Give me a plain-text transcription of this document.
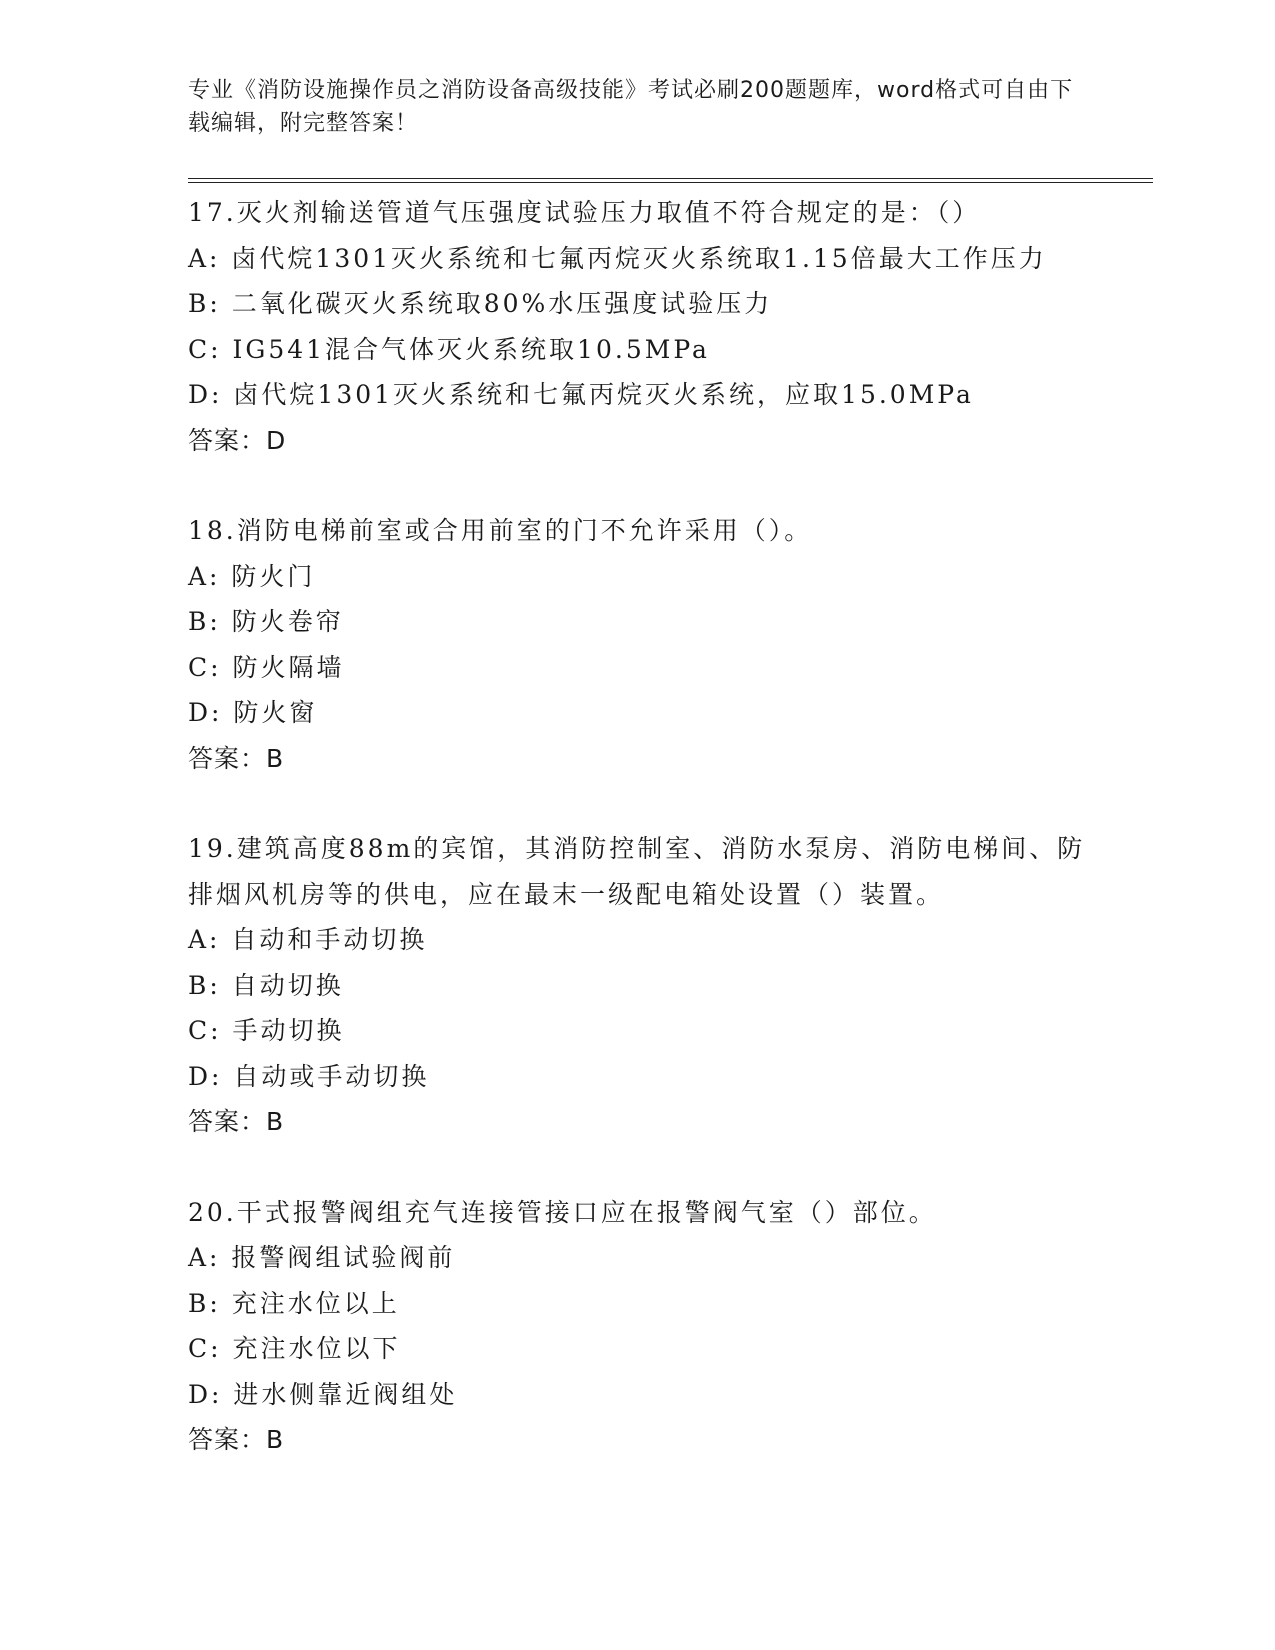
专业《消防设施操作员之消防设备高级技能》考试必刷200题题库，word格式可自由下载编辑，附完整答案！
17.灭火剂输送管道气压强度试验压力取值不符合规定的是：（）
A: 卤代烷1301灭火系统和七氟丙烷灭火系统取1.15倍最大工作压力
B: 二氧化碳灭火系统取80%水压强度试验压力
C: IG541混合气体灭火系统取10.5MPa
D: 卤代烷1301灭火系统和七氟丙烷灭火系统，应取15.0MPa
答案：D
18.消防电梯前室或合用前室的门不允许采用（）。
A: 防火门
B: 防火卷帘
C: 防火隔墙
D: 防火窗
答案：B
19.建筑高度88m的宾馆，其消防控制室、消防水泵房、消防电梯间、防排烟风机房等的供电，应在最末一级配电箱处设置（）装置。
A: 自动和手动切换
B: 自动切换
C: 手动切换
D: 自动或手动切换
答案：B
20.干式报警阀组充气连接管接口应在报警阀气室（）部位。
A: 报警阀组试验阀前
B: 充注水位以上
C: 充注水位以下
D: 进水侧靠近阀组处
答案：B
